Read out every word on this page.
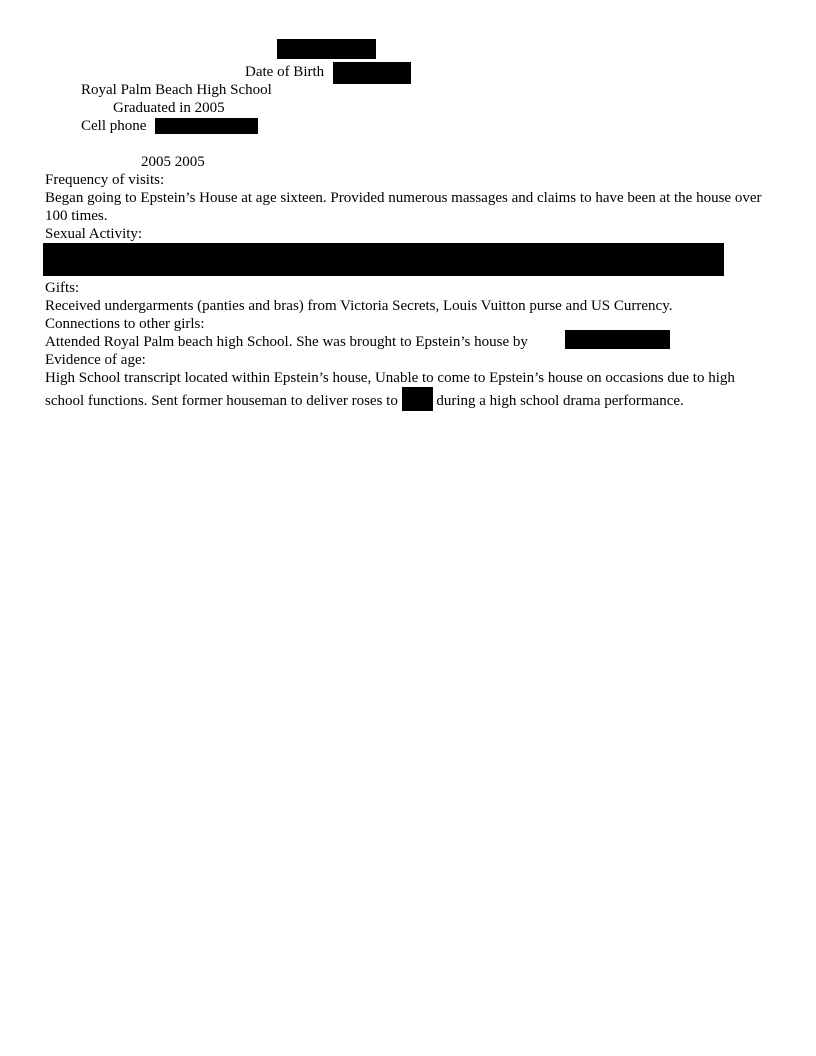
Date of Birth
Royal Palm Beach High School
Graduated in 2005
Cell phone
2005 2005
Frequency of visits:
Began going to Epstein’s House at age sixteen. Provided numerous massages and claims to have been at the house over 100 times.
Sexual Activity:
Gifts:
Received undergarments (panties and bras) from Victoria Secrets, Louis Vuitton purse and US Currency.
Connections to other girls:
Attended Royal Palm beach high School. She was brought to Epstein’s house by
Evidence of age:
High School transcript located within Epstein’s house, Unable to come to Epstein’s house on occasions due to high school functions. Sent former houseman to deliver roses to	during a high school drama performance.
